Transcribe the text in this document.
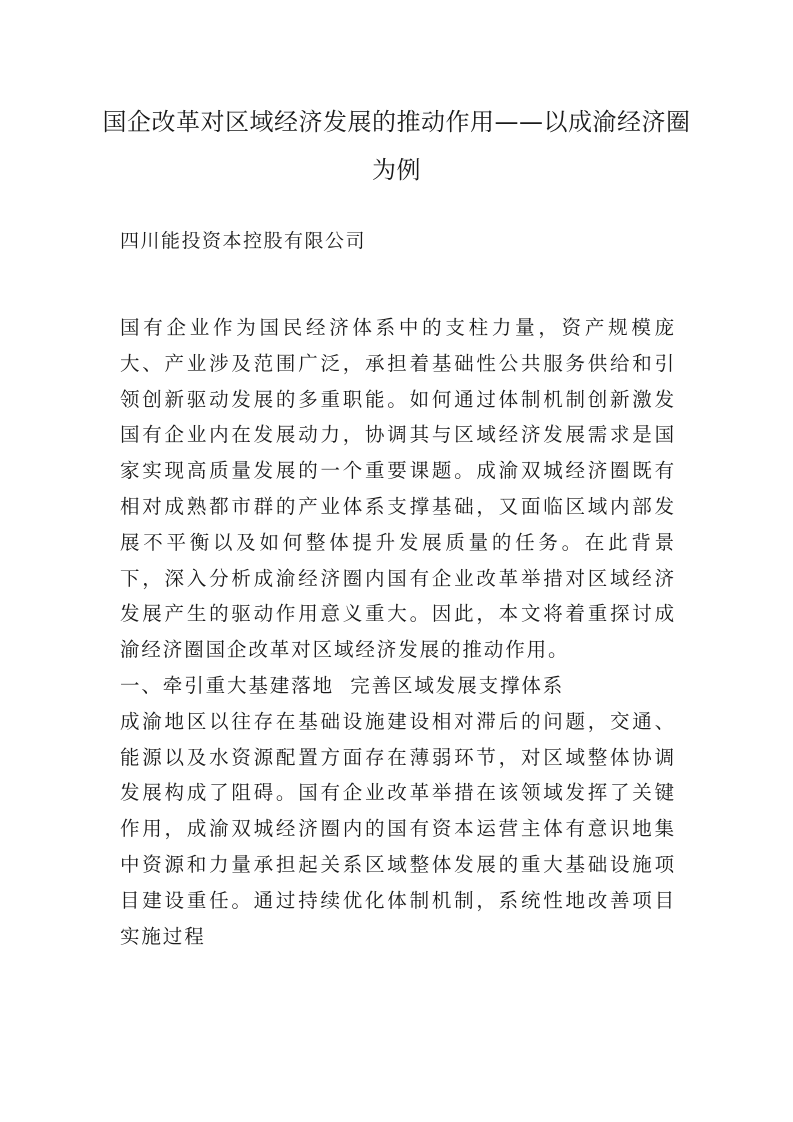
国企改革对区域经济发展的推动作用——以成渝经济圈为例

四川能投资本控股有限公司

国有企业作为国民经济体系中的支柱力量，资产规模庞大、产业涉及范围广泛，承担着基础性公共服务供给和引领创新驱动发展的多重职能。如何通过体制机制创新激发国有企业内在发展动力，协调其与区域经济发展需求是国家实现高质量发展的一个重要课题。成渝双城经济圈既有相对成熟都市群的产业体系支撑基础，又面临区域内部发展不平衡以及如何整体提升发展质量的任务。在此背景下，深入分析成渝经济圈内国有企业改革举措对区域经济发展产生的驱动作用意义重大。因此，本文将着重探讨成渝经济圈国企改革对区域经济发展的推动作用。

一、牵引重大基建落地  完善区域发展支撑体系

成渝地区以往存在基础设施建设相对滞后的问题，交通、能源以及水资源配置方面存在薄弱环节，对区域整体协调发展构成了阻碍。国有企业改革举措在该领域发挥了关键作用，成渝双城经济圈内的国有资本运营主体有意识地集中资源和力量承担起关系区域整体发展的重大基础设施项目建设重任。通过持续优化体制机制，系统性地改善项目实施过程
